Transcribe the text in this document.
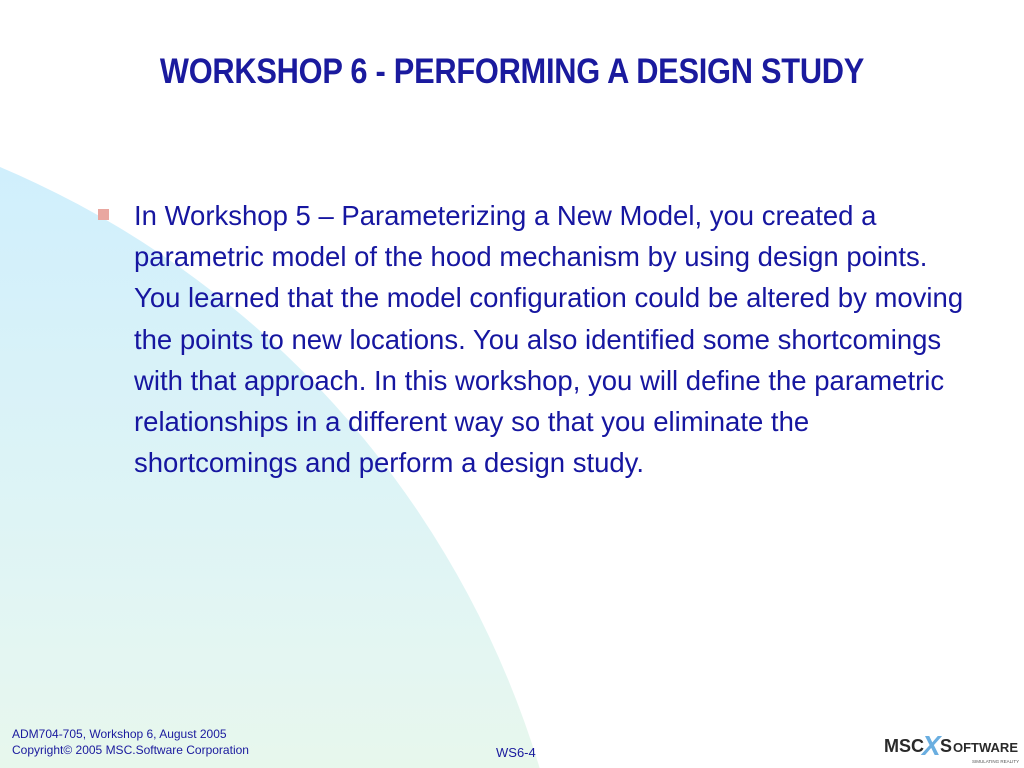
WORKSHOP 6 - PERFORMING A DESIGN STUDY

In Workshop 5 – Parameterizing a New Model, you created a parametric model of the hood mechanism by using design points. You learned that the model configuration could be altered by moving the points to new locations. You also identified some shortcomings with that approach. In this workshop, you will define the parametric relationships in a different way so that you eliminate the shortcomings and perform a design study.

ADM704-705, Workshop 6, August 2005
Copyright© 2005 MSC.Software Corporation	WS6-4	MSC
X S OFTWARE
SIMULATING REALITY
